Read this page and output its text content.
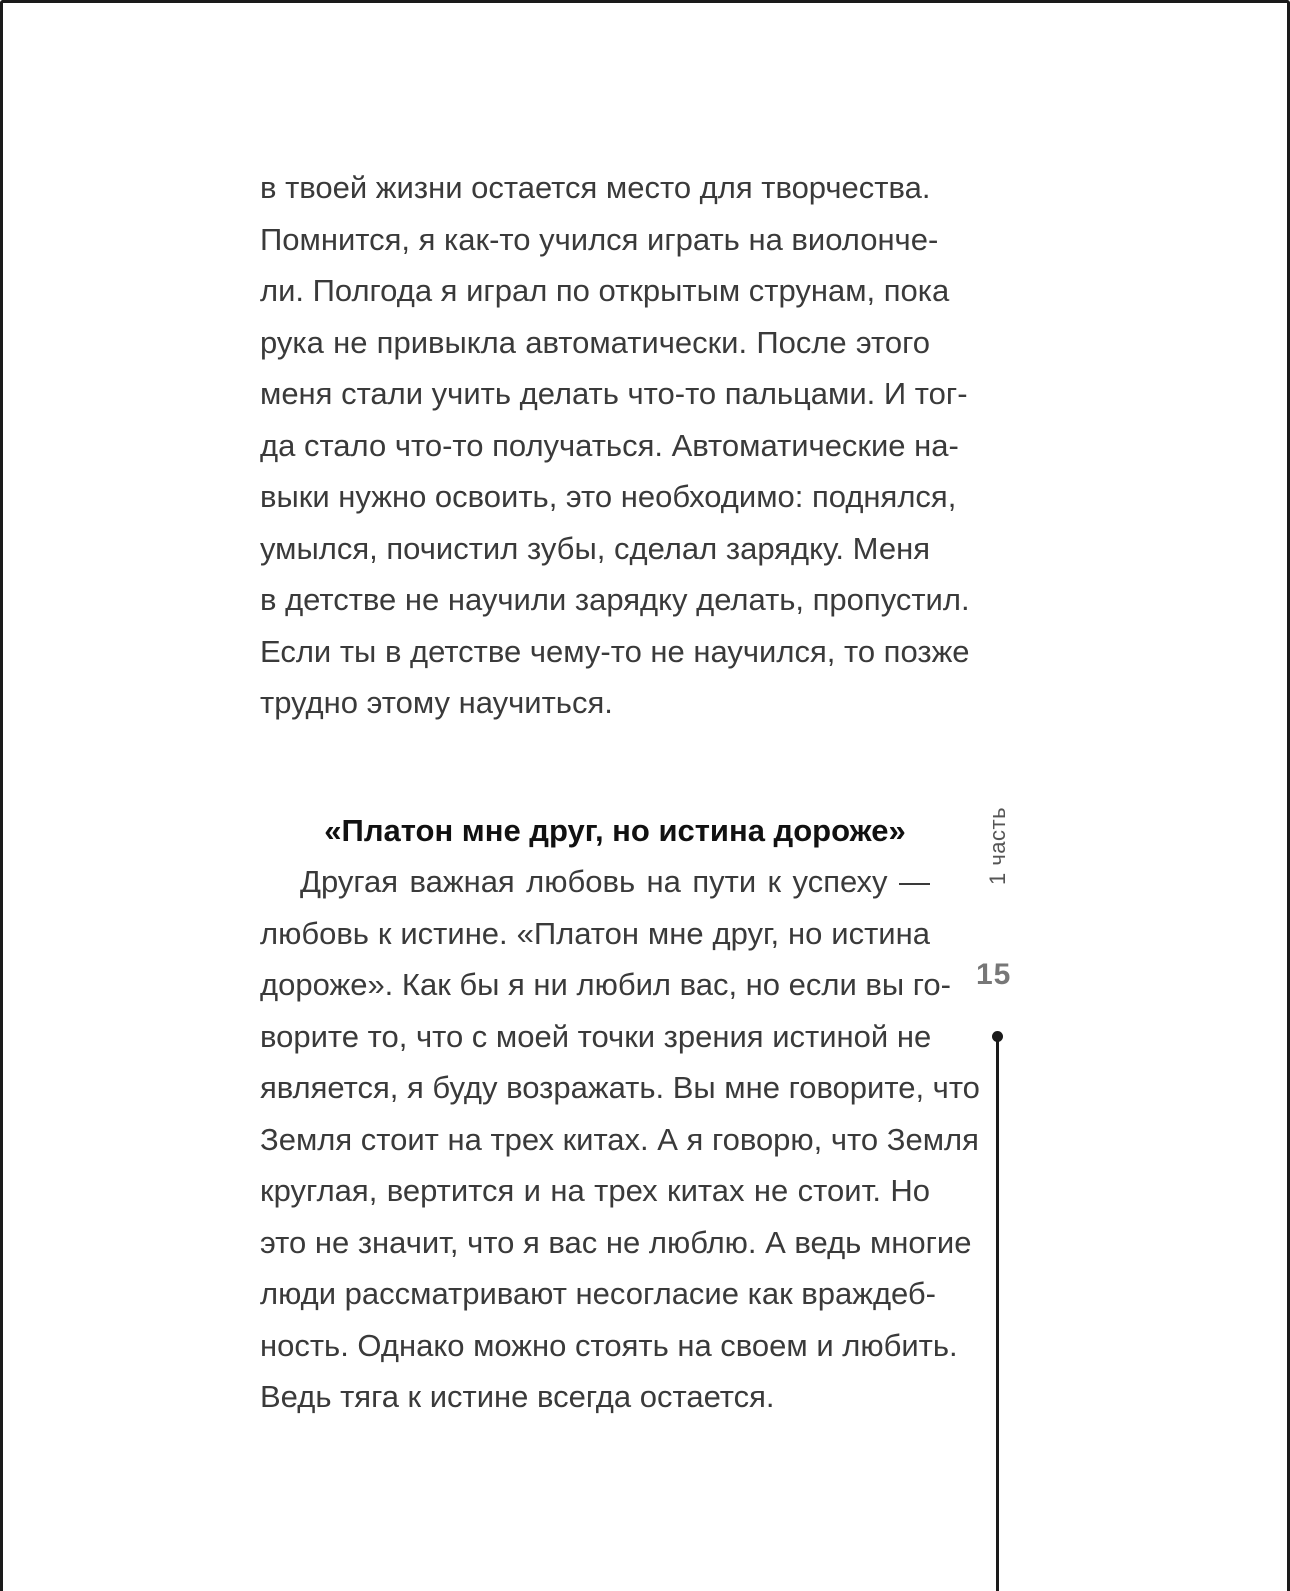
в твоей жизни остается место для творчества.
Помнится, я как-то учился играть на виолонче-
ли. Полгода я играл по открытым струнам, пока
рука не привыкла автоматически. После этого
меня стали учить делать что-то пальцами. И тог-
да стало что-то получаться. Автоматические на-
выки нужно освоить, это необходимо: поднялся,
умылся, почистил зубы, сделал зарядку. Меня
в детстве не научили зарядку делать, пропустил.
Если ты в детстве чему-то не научился, то позже
трудно этому научиться.
«Платон мне друг, но истина дороже»
Другая важная любовь на пути к успеху —
любовь к истине. «Платон мне друг, но истина
дороже». Как бы я ни любил вас, но если вы го-
ворите то, что с моей точки зрения истиной не
является, я буду возражать. Вы мне говорите, что
Земля стоит на трех китах. А я говорю, что Земля
круглая, вертится и на трех китах не стоит. Но
это не значит, что я вас не люблю. А ведь многие
люди рассматривают несогласие как враждеб-
ность. Однако можно стоять на своем и любить.
Ведь тяга к истине всегда остается.
1 часть
15
